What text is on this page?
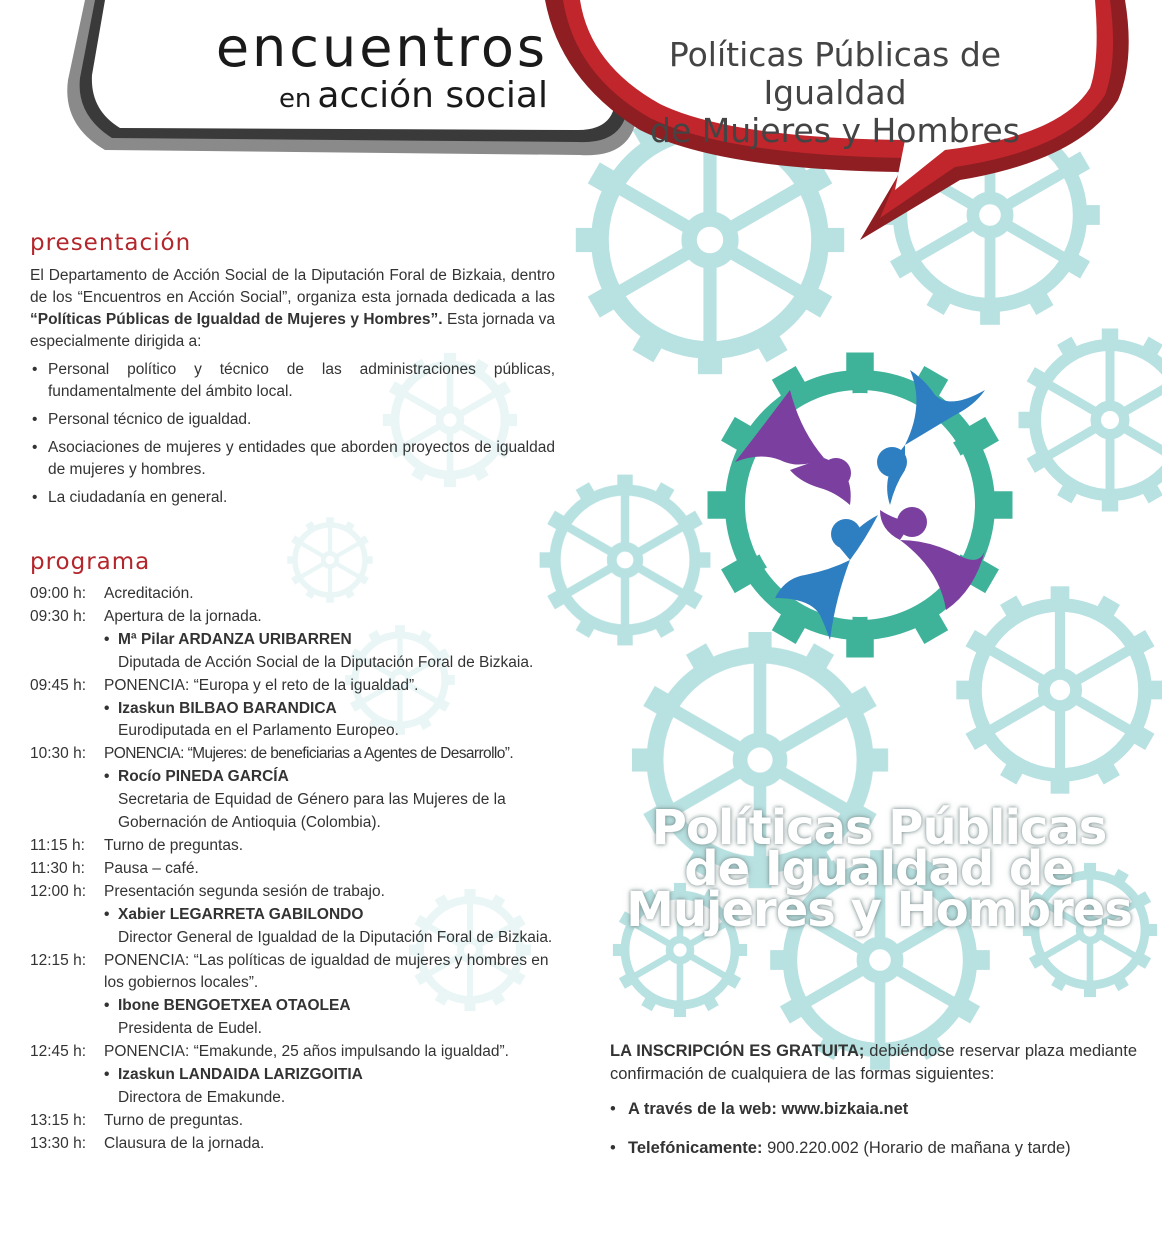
encuentros
en acción social
Políticas Públicas de Igualdad
de Mujeres y Hombres
presentación

El Departamento de Acción Social de la Diputación Foral de Bizkaia, dentro de los “Encuentros en Acción Social”, organiza esta jornada dedicada a las “Políticas Públicas de Igualdad de Mujeres y Hombres”. Esta jornada va especialmente dirigida a:

• Personal político y técnico de las administraciones públicas, fundamentalmente del ámbito local.
• Personal técnico de igualdad.
• Asociaciones de mujeres y entidades que aborden proyectos de igualdad de mujeres y hombres.
• La ciudadanía en general.
programa
09:00 h:	Acreditación.
09:30 h:	Apertura de la jornada.
• Mª Pilar ARDANZA URIBARREN
Diputada de Acción Social de la Diputación Foral de Bizkaia.
09:45 h:	PONENCIA: “Europa y el reto de la igualdad”.
• Izaskun BILBAO BARANDICA
Eurodiputada en el Parlamento Europeo.
10:30 h:	PONENCIA: “Mujeres: de beneficiarias a Agentes de Desarrollo”.
• Rocío PINEDA GARCÍA
Secretaria de Equidad de Género para las Mujeres de la Gobernación de Antioquia (Colombia).
11:15 h:	Turno de preguntas.
11:30 h:	Pausa – café.
12:00 h:	Presentación segunda sesión de trabajo.
• Xabier LEGARRETA GABILONDO
Director General de Igualdad de la Diputación Foral de Bizkaia.
12:15 h:	PONENCIA: “Las políticas de igualdad de mujeres y hombres en los gobiernos locales”.
• Ibone BENGOETXEA OTAOLEA
Presidenta de Eudel.
12:45 h:	PONENCIA: “Emakunde, 25 años impulsando la igualdad”.
• Izaskun LANDAIDA LARIZGOITIA
Directora de Emakunde.
13:15 h:	Turno de preguntas.
13:30 h:	Clausura de la jornada.
Políticas Públicas
de Igualdad de
Mujeres y Hombres

LA INSCRIPCIÓN ES GRATUITA; debiéndose reservar plaza mediante confirmación de cualquiera de las formas siguientes:

• A través de la web: www.bizkaia.net
• Telefónicamente: 900.220.002 (Horario de mañana y tarde)
